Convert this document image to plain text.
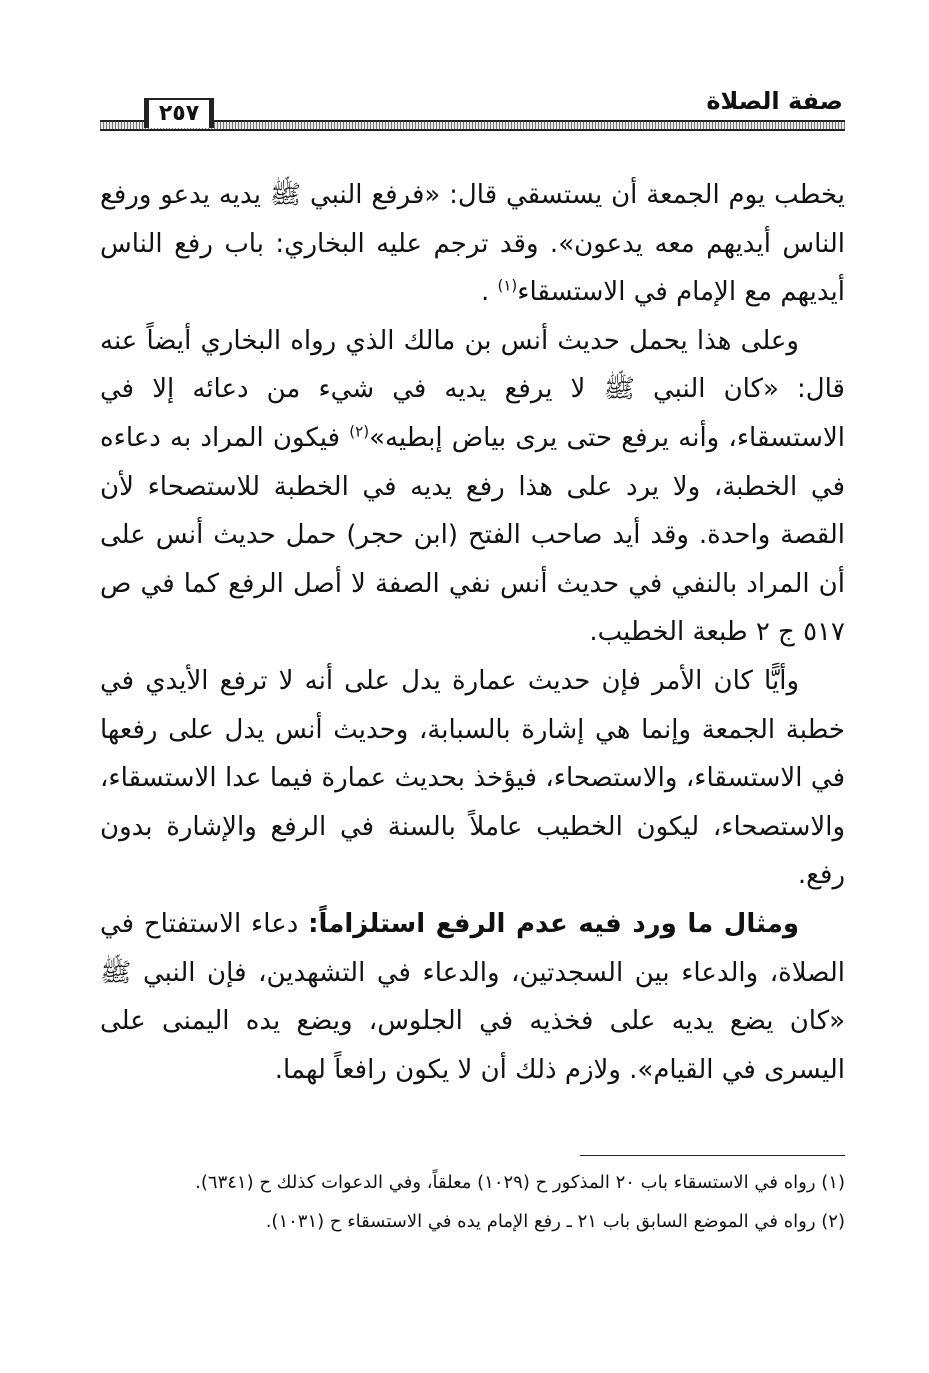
صفة الصلاة
٢٥٧

يخطب يوم الجمعة أن يستسقي قال: «فرفع النبي ﷺ يديه يدعو ورفع الناس أيديهم معه يدعون». وقد ترجم عليه البخاري: باب رفع الناس أيديهم مع الإمام في الاستسقاء$^{(١)}$ .

وعلى هذا يحمل حديث أنس بن مالك الذي رواه البخاري أيضاً عنه قال: «كان النبي ﷺ لا يرفع يديه في شيء من دعائه إلا في الاستسقاء، وأنه يرفع حتى يرى بياض إبطيه»$^{(٢)}$ فيكون المراد به دعاءه في الخطبة، ولا يرد على هذا رفع يديه في الخطبة للاستصحاء لأن القصة واحدة. وقد أيد صاحب الفتح (ابن حجر) حمل حديث أنس على أن المراد بالنفي في حديث أنس نفي الصفة لا أصل الرفع كما في ص ٥١٧ ج ٢ طبعة الخطيب.

وأيًّا كان الأمر فإن حديث عمارة يدل على أنه لا ترفع الأيدي في خطبة الجمعة وإنما هي إشارة بالسبابة، وحديث أنس يدل على رفعها في الاستسقاء، والاستصحاء، فيؤخذ بحديث عمارة فيما عدا الاستسقاء، والاستصحاء، ليكون الخطيب عاملاً بالسنة في الرفع والإشارة بدون رفع.

ومثال ما ورد فيه عدم الرفع استلزاماً: دعاء الاستفتاح في الصلاة، والدعاء بين السجدتين، والدعاء في التشهدين، فإن النبي ﷺ «كان يضع يديه على فخذيه في الجلوس، ويضع يده اليمنى على اليسرى في القيام». ولازم ذلك أن لا يكون رافعاً لهما.

(١) رواه في الاستسقاء باب ٢٠ المذكور ح (١٠٢٩) معلقاً، وفي الدعوات كذلك ح (٦٣٤١).

(٢) رواه في الموضع السابق باب ٢١ ـ رفع الإمام يده في الاستسقاء ح (١٠٣١).
